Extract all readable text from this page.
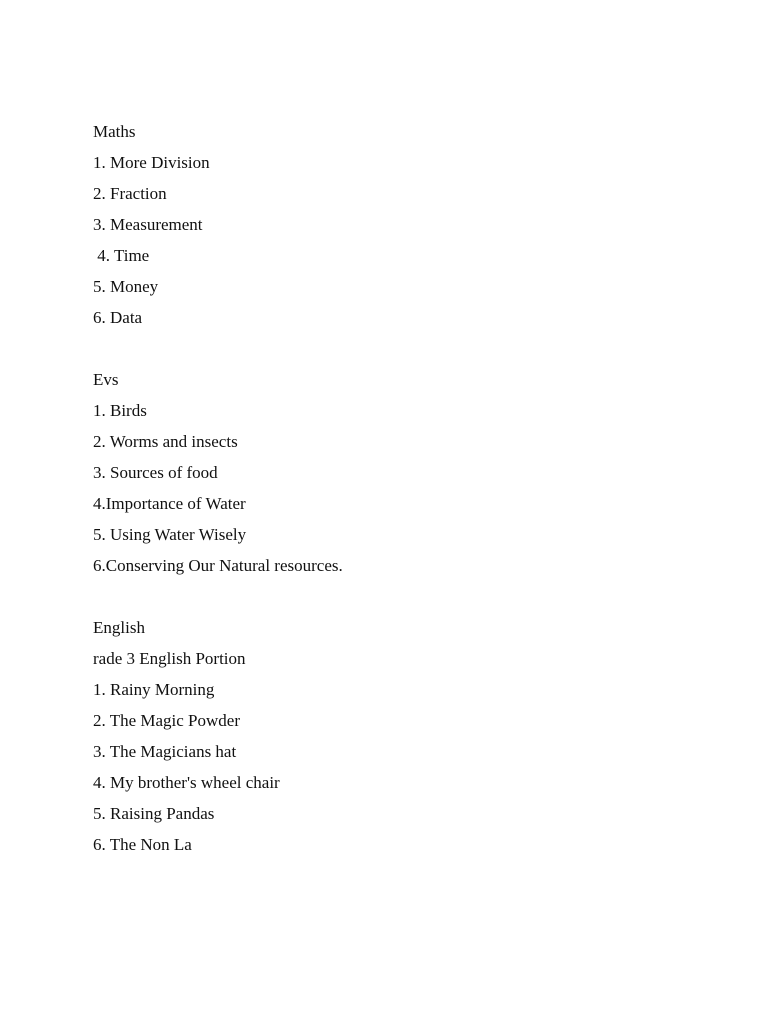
Maths

1. More Division

2. Fraction

3. Measurement

4. Time

5. Money

6. Data

Evs

1. Birds

2. Worms and insects

3. Sources of food

4.Importance of Water

5. Using Water Wisely

6.Conserving Our Natural resources.

English

rade 3 English Portion

1. Rainy Morning

2. The Magic Powder

3. The Magicians hat

4. My brother's wheel chair

5. Raising Pandas

6. The Non La
